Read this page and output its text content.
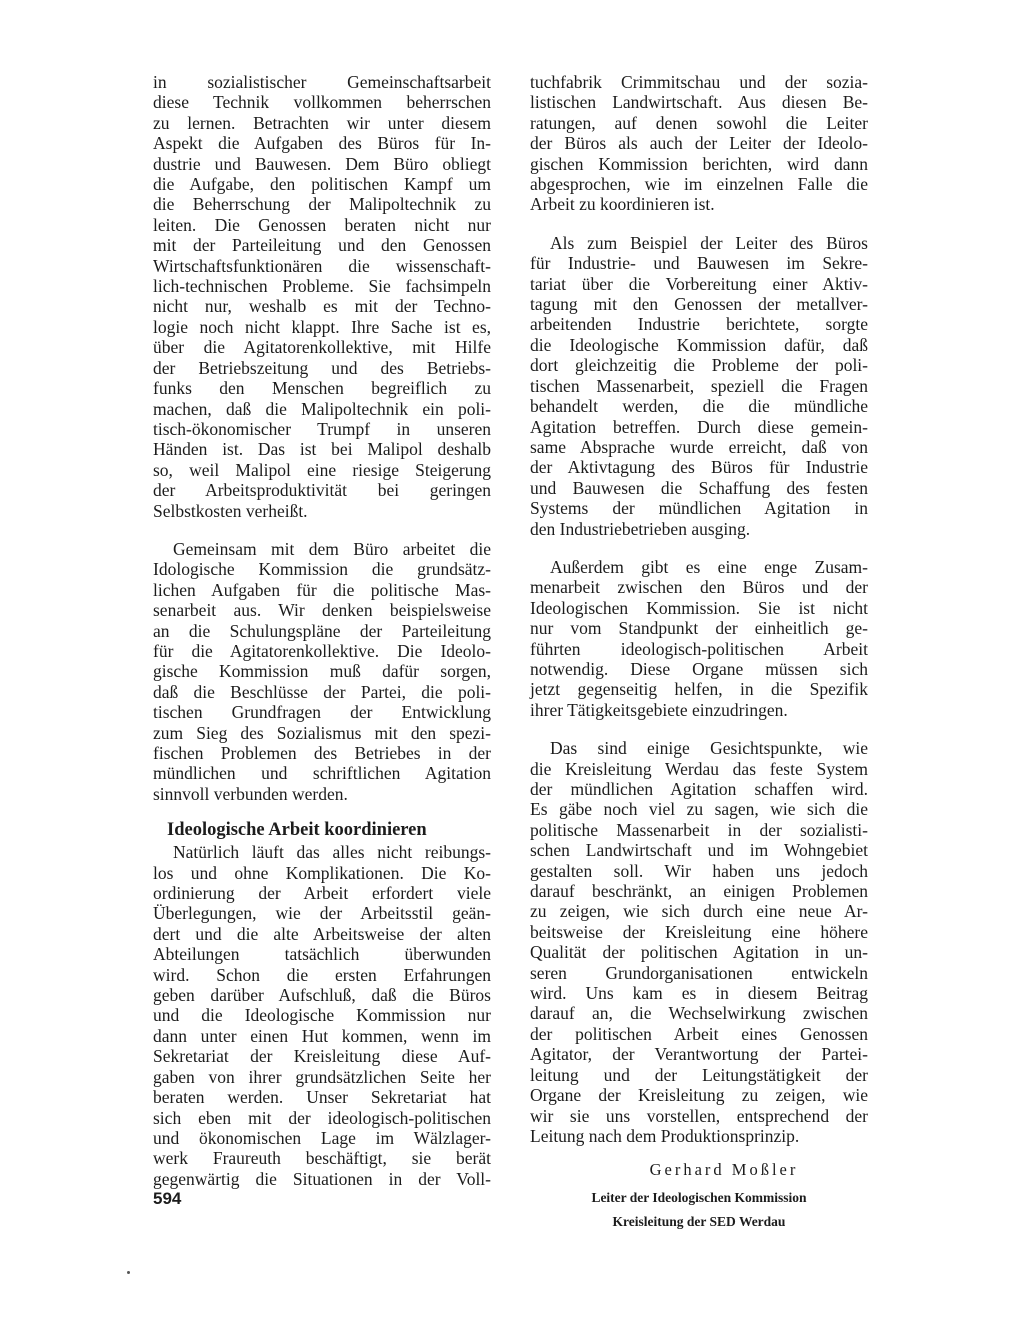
in sozialistischer Gemeinschaftsarbeit
diese Technik vollkommen beherrschen
zu lernen. Betrachten wir unter diesem
Aspekt die Aufgaben des Büros für In-
dustrie und Bauwesen. Dem Büro obliegt
die Aufgabe, den politischen Kampf um
die Beherrschung der Malipoltechnik zu
leiten. Die Genossen beraten nicht nur
mit der Parteileitung und den Genossen
Wirtschaftsfunktionären die wissenschaft-
lich-technischen Probleme. Sie fachsimpeln
nicht nur, weshalb es mit der Techno-
logie noch nicht klappt. Ihre Sache ist es,
über die Agitatorenkollektive, mit Hilfe
der Betriebszeitung und des Betriebs-
funks den Menschen begreiflich zu
machen, daß die Malipoltechnik ein poli-
tisch-ökonomischer Trumpf in unseren
Händen ist. Das ist bei Malipol deshalb
so, weil Malipol eine riesige Steigerung
der Arbeitsproduktivität bei geringen
Selbstkosten verheißt.

Gemeinsam mit dem Büro arbeitet die
Idologische Kommission die grundsätz-
lichen Aufgaben für die politische Mas-
senarbeit aus. Wir denken beispielsweise
an die Schulungspläne der Parteileitung
für die Agitatorenkollektive. Die Ideolo-
gische Kommission muß dafür sorgen,
daß die Beschlüsse der Partei, die poli-
tischen Grundfragen der Entwicklung
zum Sieg des Sozialismus mit den spezi-
fischen Problemen des Betriebes in der
mündlichen und schriftlichen Agitation
sinnvoll verbunden werden.

Ideologische Arbeit koordinieren

Natürlich läuft das alles nicht reibungs-
los und ohne Komplikationen. Die Ko-
ordinierung der Arbeit erfordert viele
Überlegungen, wie der Arbeitsstil geän-
dert und die alte Arbeitsweise der alten
Abteilungen tatsächlich überwunden
wird. Schon die ersten Erfahrungen
geben darüber Aufschluß, daß die Büros
und die Ideologische Kommission nur
dann unter einen Hut kommen, wenn im
Sekretariat der Kreisleitung diese Auf-
gaben von ihrer grundsätzlichen Seite her
beraten werden. Unser Sekretariat hat
sich eben mit der ideologisch-politischen
und ökonomischen Lage im Wälzlager-
werk Fraureuth beschäftigt, sie berät
gegenwärtig die Situationen in der Voll-

tuchfabrik Crimmitschau und der sozia-
listischen Landwirtschaft. Aus diesen Be-
ratungen, auf denen sowohl die Leiter
der Büros als auch der Leiter der Ideolo-
gischen Kommission berichten, wird dann
abgesprochen, wie im einzelnen Falle die
Arbeit zu koordinieren ist.

Als zum Beispiel der Leiter des Büros
für Industrie- und Bauwesen im Sekre-
tariat über die Vorbereitung einer Aktiv-
tagung mit den Genossen der metallver-
arbeitenden Industrie berichtete, sorgte
die Ideologische Kommission dafür, daß
dort gleichzeitig die Probleme der poli-
tischen Massenarbeit, speziell die Fragen
behandelt werden, die die mündliche
Agitation betreffen. Durch diese gemein-
same Absprache wurde erreicht, daß von
der Aktivtagung des Büros für Industrie
und Bauwesen die Schaffung des festen
Systems der mündlichen Agitation in
den Industriebetrieben ausging.

Außerdem gibt es eine enge Zusam-
menarbeit zwischen den Büros und der
Ideologischen Kommission. Sie ist nicht
nur vom Standpunkt der einheitlich ge-
führten ideologisch-politischen Arbeit
notwendig. Diese Organe müssen sich
jetzt gegenseitig helfen, in die Spezifik
ihrer Tätigkeitsgebiete einzudringen.

Das sind einige Gesichtspunkte, wie
die Kreisleitung Werdau das feste System
der mündlichen Agitation schaffen wird.
Es gäbe noch viel zu sagen, wie sich die
politische Massenarbeit in der sozialisti-
schen Landwirtschaft und im Wohngebiet
gestalten soll. Wir haben uns jedoch
darauf beschränkt, an einigen Problemen
zu zeigen, wie sich durch eine neue Ar-
beitsweise der Kreisleitung eine höhere
Qualität der politischen Agitation in un-
seren Grundorganisationen entwickeln
wird. Uns kam es in diesem Beitrag
darauf an, die Wechselwirkung zwischen
der politischen Arbeit eines Genossen
Agitator, der Verantwortung der Partei-
leitung und der Leitungstätigkeit der
Organe der Kreisleitung zu zeigen, wie
wir sie uns vorstellen, entsprechend der
Leitung nach dem Produktionsprinzip.

Gerhard Moßler
Leiter der Ideologischen Kommission
Kreisleitung der SED Werdau
594
